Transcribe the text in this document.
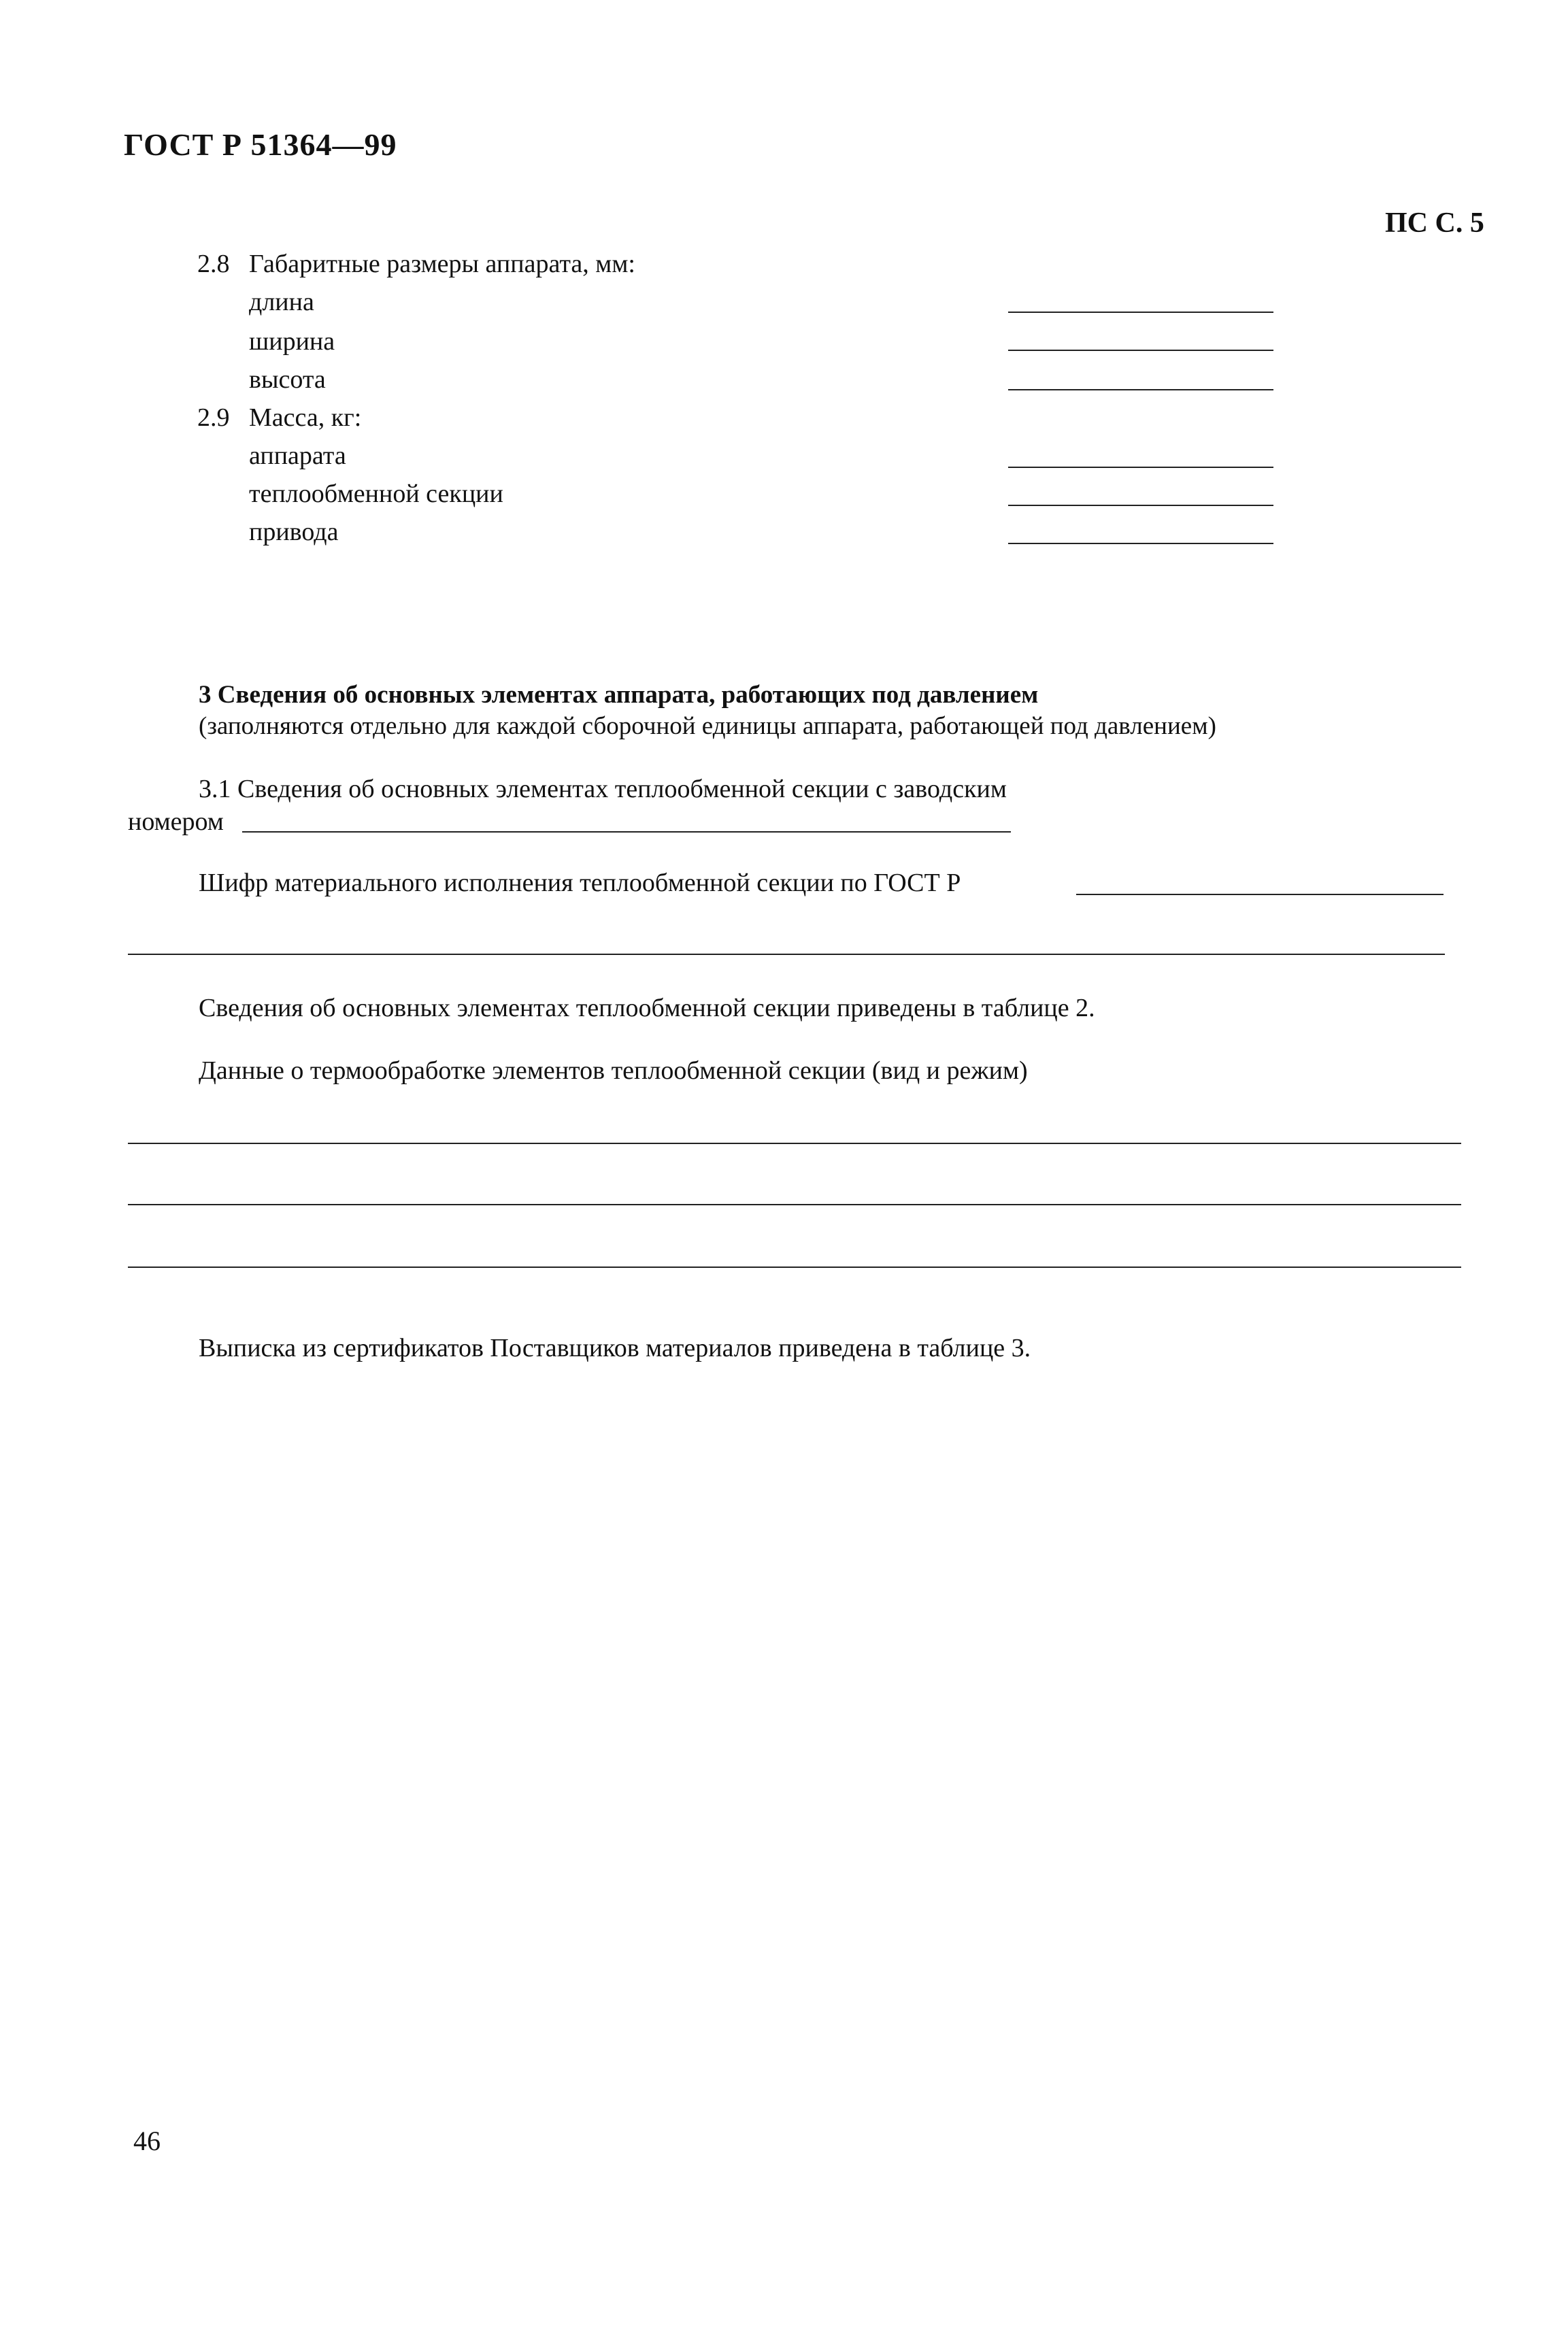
ГОСТ Р 51364—99
ПС С. 5
2.8 Габаритные размеры аппарата, мм:
длина
ширина
высота
2.9 Масса, кг:
аппарата
теплообменной секции
привода
3 Сведения об основных элементах аппарата, работающих под давлением
(заполняются отдельно для каждой сборочной единицы аппарата, работающей под давлением)
3.1 Сведения об основных элементах теплообменной секции с заводским
номером
Шифр материального исполнения теплообменной секции по ГОСТ Р
Сведения об основных элементах теплообменной секции приведены в таблице 2.
Данные о термообработке элементов теплообменной секции (вид и режим)
Выписка из сертификатов Поставщиков материалов приведена в таблице 3.
46
